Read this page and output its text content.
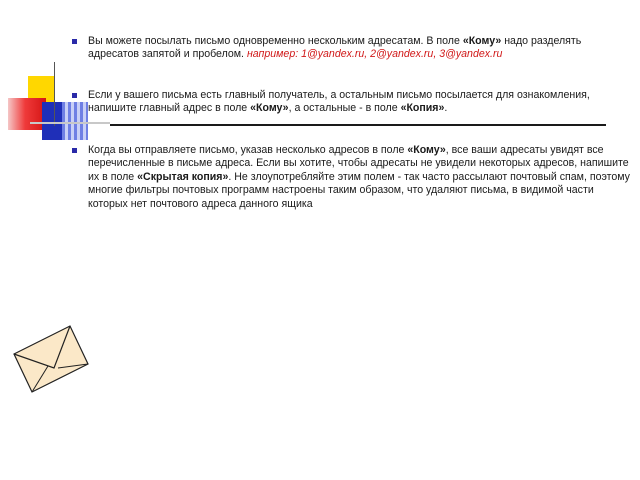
Вы можете посылать письмо одновременно нескольким адресатам. В поле «Кому» надо разделять адресатов запятой и пробелом. например: 1@yandex.ru, 2@yandex.ru, 3@yandex.ru
Если у вашего письма есть главный получатель, а остальным письмо посылается для ознакомления, напишите главный адрес в поле «Кому», а остальные - в поле «Копия».
Когда вы отправляете письмо, указав несколько адресов в поле «Кому», все ваши адресаты увидят все перечисленные в письме адреса. Если вы хотите, чтобы адресаты не увидели некоторых адресов, напишите их в поле «Скрытая копия». Не злоупотребляйте этим полем - так часто рассылают почтовый спам, поэтому многие фильтры почтовых программ настроены таким образом, что удаляют письма, в видимой части которых нет почтового адреса данного ящика
